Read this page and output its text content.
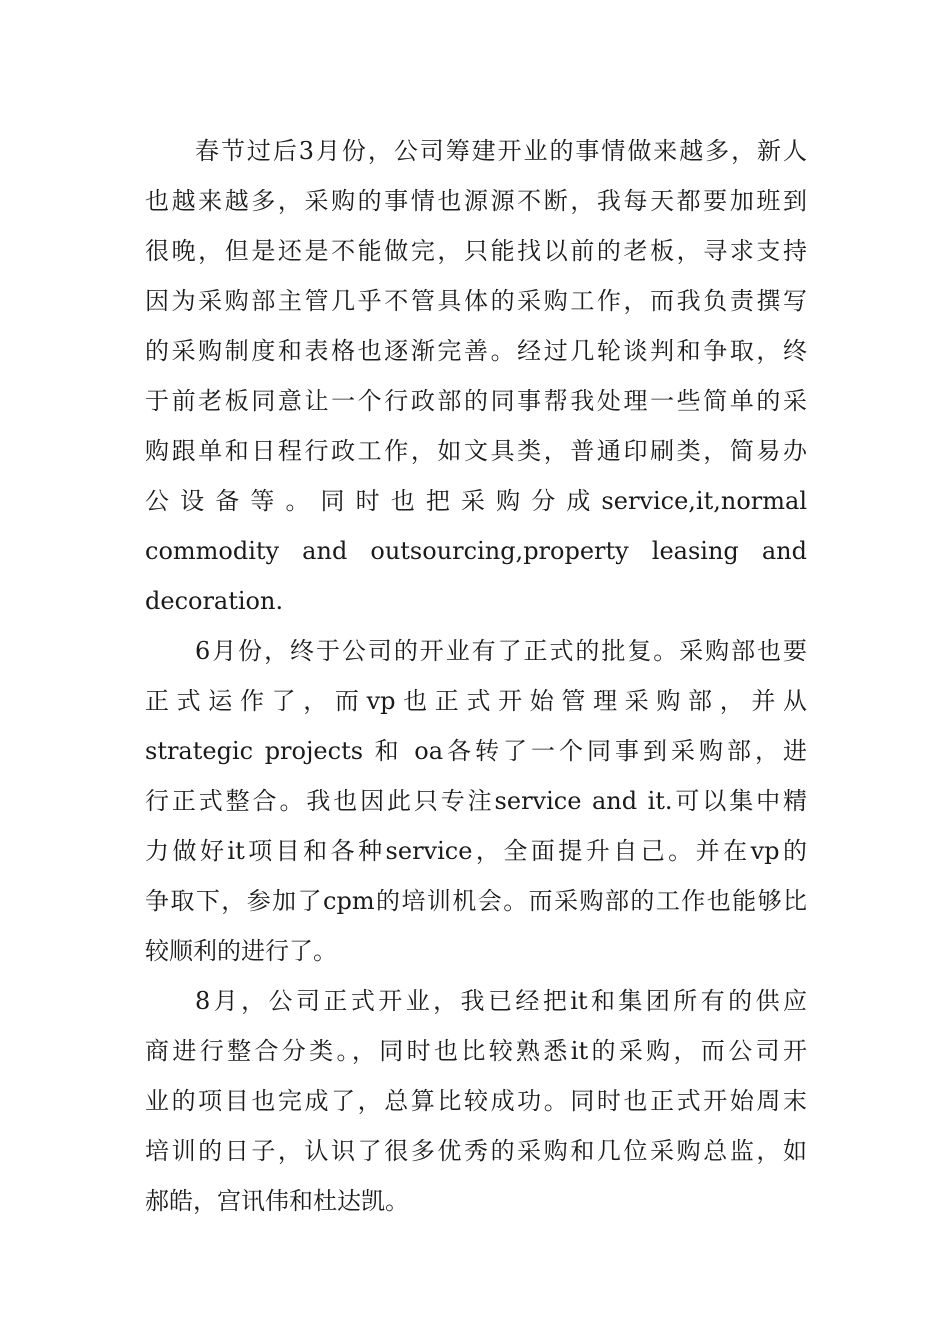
春节过后3月份，公司筹建开业的事情做来越多，新人
也越来越多，采购的事情也源源不断，我每天都要加班到
很晚，但是还是不能做完，只能找以前的老板，寻求支持
因为采购部主管几乎不管具体的采购工作，而我负责撰写
的采购制度和表格也逐渐完善。经过几轮谈判和争取，终
于前老板同意让一个行政部的同事帮我处理一些简单的采
购跟单和日程行政工作，如文具类，普通印刷类，简易办
公 设 备 等 。 同 时 也 把 采 购 分 成 service,it,normal
commodity and outsourcing,property leasing and
decoration.
6月份，终于公司的开业有了正式的批复。采购部也要
正 式 运 作 了 ， 而 vp 也 正 式 开 始 管 理 采 购 部 ， 并 从
strategic projects 和 oa各转了一个同事到采购部，进
行正式整合。我也因此只专注service and it.可以集中精
力做好it项目和各种service，全面提升自己。并在vp的
争取下，参加了cpm的培训机会。而采购部的工作也能够比
较顺利的进行了。
8月，公司正式开业，我已经把it和集团所有的供应
商进行整合分类。，同时也比较熟悉it的采购，而公司开
业的项目也完成了，总算比较成功。同时也正式开始周末
培训的日子，认识了很多优秀的采购和几位采购总监，如
郝皓，宫讯伟和杜达凯。
